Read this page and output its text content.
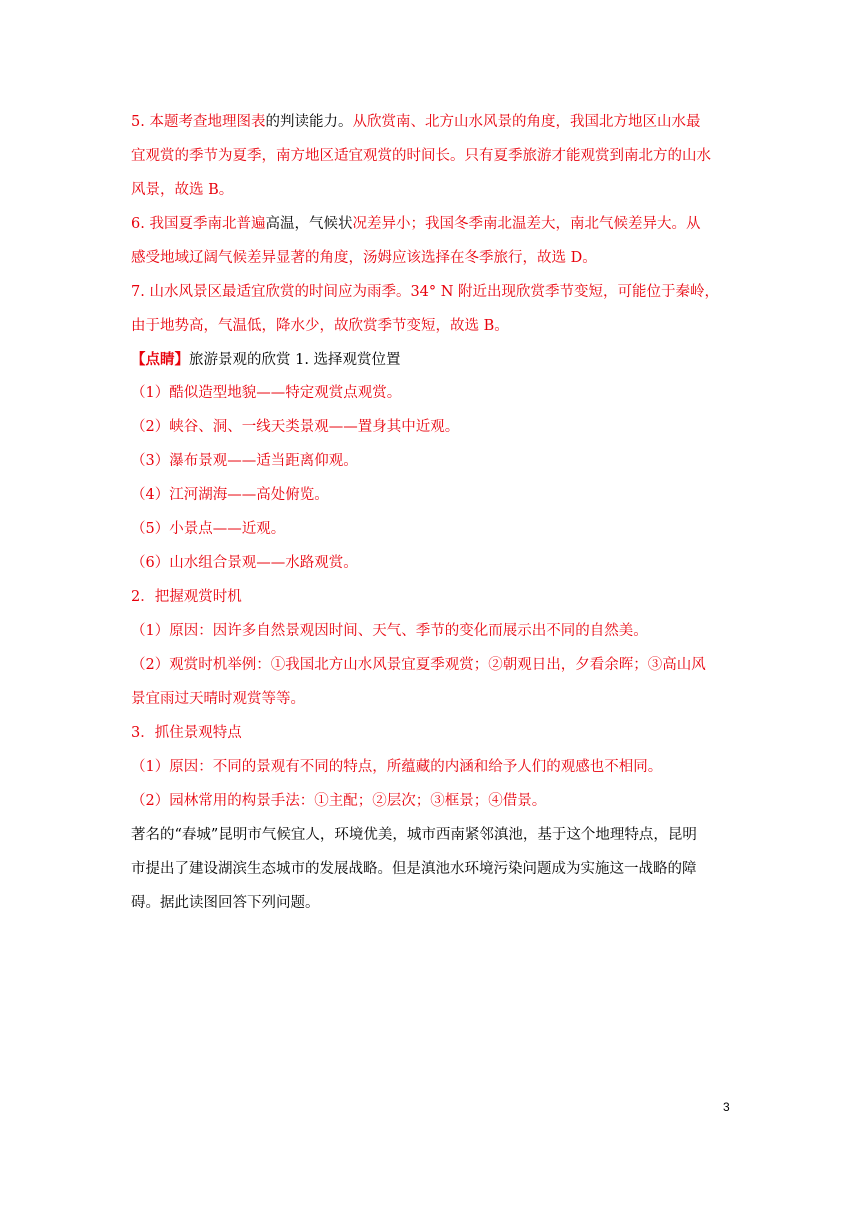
5. 本题考查地理图表的判读能力。从欣赏南、北方山水风景的角度，我国北方地区山水最
宜观赏的季节为夏季，南方地区适宜观赏的时间长。只有夏季旅游才能观赏到南北方的山水
风景，故选 B。
6. 我国夏季南北普遍高温，气候状况差异小；我国冬季南北温差大，南北气候差异大。从
感受地域辽阔气候差异显著的角度，汤姆应该选择在冬季旅行，故选 D。
7. 山水风景区最适宜欣赏的时间应为雨季。34° N 附近出现欣赏季节变短，可能位于秦岭，
由于地势高，气温低，降水少，故欣赏季节变短，故选 B。
【点睛】旅游景观的欣赏 1. 选择观赏位置
（1）酷似造型地貌——特定观赏点观赏。
（2）峡谷、洞、一线天类景观——置身其中近观。
（3）瀑布景观——适当距离仰观。
（4）江河湖海——高处俯览。
（5）小景点——近观。
（6）山水组合景观——水路观赏。
2．把握观赏时机
（1）原因：因许多自然景观因时间、天气、季节的变化而展示出不同的自然美。
（2）观赏时机举例：①我国北方山水风景宜夏季观赏；②朝观日出，夕看余晖；③高山风
景宜雨过天晴时观赏等等。
3．抓住景观特点
（1）原因：不同的景观有不同的特点，所蕴藏的内涵和给予人们的观感也不相同。
（2）园林常用的构景手法：①主配；②层次；③框景；④借景。
著名的“春城”昆明市气候宜人，环境优美，城市西南紧邻滇池，基于这个地理特点，昆明
市提出了建设湖滨生态城市的发展战略。但是滇池水环境污染问题成为实施这一战略的障
碍。据此读图回答下列问题。
3
